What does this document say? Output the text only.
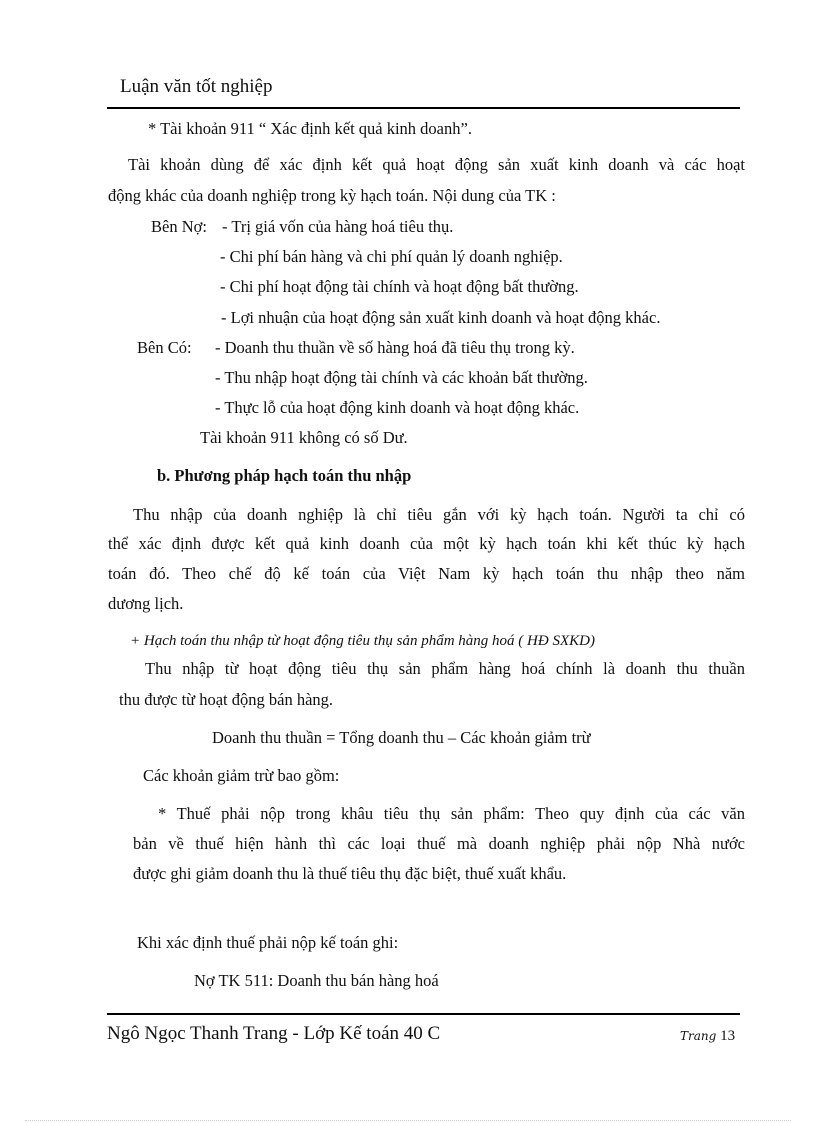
Luận văn tốt nghiệp
* Tài khoản 911 “ Xác định kết quả kinh doanh”.
Tài khoản dùng để xác định kết quả hoạt động sản xuất kinh doanh và các hoạt
động khác của doanh nghiệp trong kỳ hạch toán. Nội dung của TK :
Bên Nợ: - Trị giá vốn của hàng hoá tiêu thụ.
- Chi phí bán hàng và chi phí quản lý doanh nghiệp.
- Chi phí hoạt động tài chính và hoạt động bất thường.
- Lợi nhuận của hoạt động sản xuất kinh doanh và hoạt động khác.
Bên Có: - Doanh thu thuần về số hàng hoá đã tiêu thụ trong kỳ.
- Thu nhập hoạt động tài chính và các khoản bất thường.
- Thực lỗ của hoạt động kinh doanh và hoạt động khác.
Tài khoản 911 không có số Dư.
b. Phương pháp hạch toán thu nhập
Thu nhập của doanh nghiệp là chỉ tiêu gắn với kỳ hạch toán. Người ta chỉ có
thể xác định được kết quả kinh doanh của một kỳ hạch toán khi kết thúc kỳ hạch
toán đó. Theo chế độ kế toán của Việt Nam kỳ hạch toán thu nhập theo năm
dương lịch.
+ Hạch toán thu nhập từ hoạt động tiêu thụ sản phẩm hàng hoá ( HĐ SXKD)
Thu nhập từ hoạt động tiêu thụ sản phẩm hàng hoá chính là doanh thu thuần
thu được từ hoạt động bán hàng.
Doanh thu thuần = Tổng doanh thu – Các khoản giảm trừ
Các khoản giảm trừ bao gồm:
* Thuế phải nộp trong khâu tiêu thụ sản phẩm: Theo quy định của các văn
bản về thuế hiện hành thì các loại thuế mà doanh nghiệp phải nộp Nhà nước
được ghi giảm doanh thu là thuế tiêu thụ đặc biệt, thuế xuất khẩu.
Khi xác định thuế phải nộp kế toán ghi:
Nợ TK 511: Doanh thu bán hàng hoá
Ngô Ngọc Thanh Trang - Lớp Kế toán 40 C	Trang 13
